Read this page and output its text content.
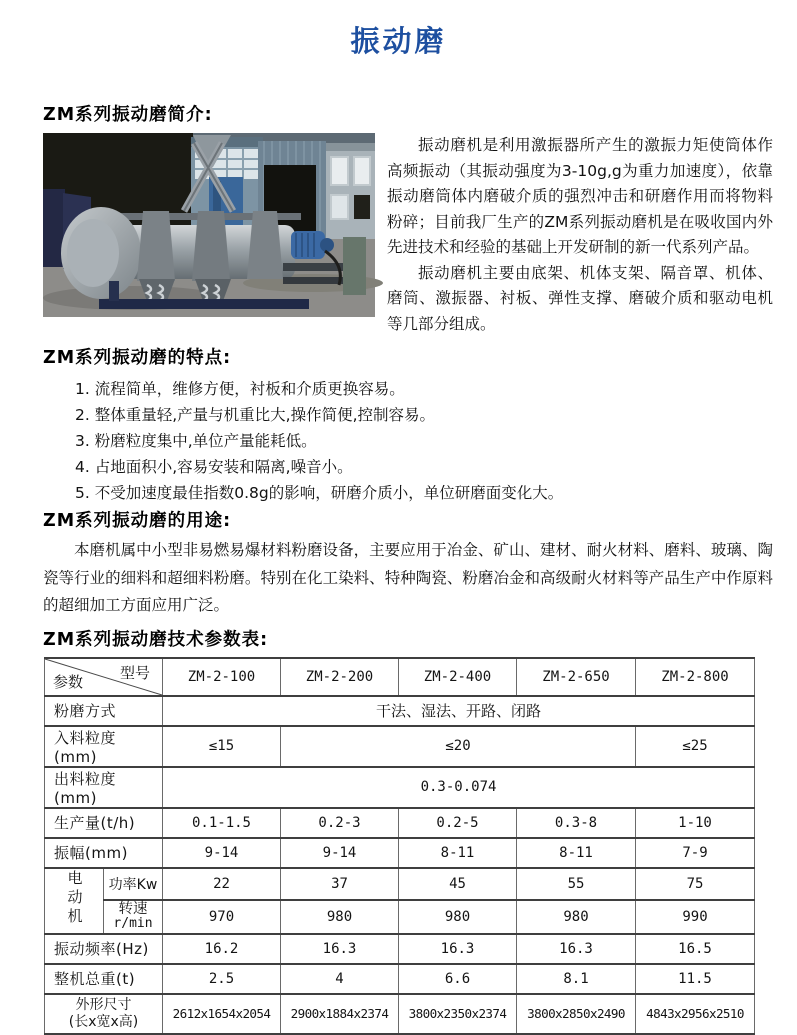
振动磨
ZM系列振动磨简介:

振动磨机是利用激振器所产生的激振力矩使筒体作高频振动（其振动强度为3-10g,g为重力加速度），依靠振动磨筒体内磨破介质的强烈冲击和研磨作用而将物料粉碎；目前我厂生产的ZM系列振动磨机是在吸收国内外先进技术和经验的基础上开发研制的新一代系列产品。

振动磨机主要由底架、机体支架、隔音罩、机体、磨筒、激振器、衬板、弹性支撑、磨破介质和驱动电机等几部分组成。

ZM系列振动磨的特点:
1. 流程简单，维修方便，衬板和介质更换容易。
2. 整体重量轻,产量与机重比大,操作简便,控制容易。
3. 粉磨粒度集中,单位产量能耗低。
4. 占地面积小,容易安装和隔离,噪音小。
5. 不受加速度最佳指数0.8g的影响，研磨介质小，单位研磨面变化大。
ZM系列振动磨的用途:

本磨机属中小型非易燃易爆材料粉磨设备，主要应用于冶金、矿山、建材、耐火材料、磨料、玻璃、陶瓷等行业的细料和超细料粉磨。特别在化工染料、特种陶瓷、粉磨冶金和高级耐火材料等产品生产中作原料的超细加工方面应用广泛。

ZM系列振动磨技术参数表:
型号
参数		ZM-2-100	ZM-2-200	ZM-2-400	ZM-2-650	ZM-2-800
粉磨方式		干法、湿法、开路、闭路				
入料粒度(mm)		≤15	≤20			≤25
出料粒度(mm)		0.3-0.074				
生产量(t/h)		0.1-1.5	0.2-3	0.2-5	0.3-8	1-10
振幅(mm)		9-14	9-14	8-11	8-11	7-9
电动机	功率Kw	22	37	45	55	75

	转速
r/min	970	980	980	980	990
振动频率(Hz)		16.2	16.3	16.3	16.3	16.5
整机总重(t)		2.5	4	6.6	8.1	11.5

外形尺寸
(长x宽x高)		2612x1654x2054	2900x1884x2374	3800x2350x2374	3800x2850x2490	4843x2956x2510
